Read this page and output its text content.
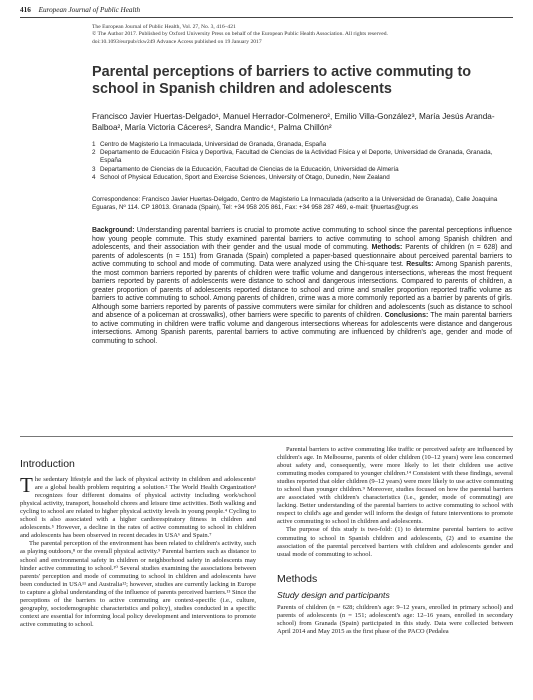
416 European Journal of Public Health
The European Journal of Public Health, Vol. 27, No. 3, 416–421
© The Author 2017. Published by Oxford University Press on behalf of the European Public Health Association. All rights reserved.
doi:10.1093/eurpub/ckw249 Advance Access published on 19 January 2017
Parental perceptions of barriers to active commuting to school in Spanish children and adolescents
Francisco Javier Huertas-Delgado¹, Manuel Herrador-Colmenero², Emilio Villa-González³, María Jesús Aranda-Balboa², María Victoria Cáceres², Sandra Mandic⁴, Palma Chillón²
1 Centro de Magisterio La Inmaculada, Universidad de Granada, Granada, España
2 Departamento de Educación Física y Deportiva, Facultad de Ciencias de la Actividad Física y el Deporte, Universidad de Granada, Granada, España
3 Departamento de Ciencias de la Educación, Facultad de Ciencias de la Educación, Universidad de Almería
4 School of Physical Education, Sport and Exercise Sciences, University of Otago, Dunedin, New Zealand
Correspondence: Francisco Javier Huertas-Delgado, Centro de Magisterio La Inmaculada (adscrito a la Universidad de Granada), Calle Joaquina Eguaras, Nº 114. CP 18013. Granada (Spain), Tel: +34 958 205 861, Fax: +34 958 287 469, e-mail: fjhuertas@ugr.es
Background: Understanding parental barriers is crucial to promote active commuting to school since the parental perceptions influence how young people commute. This study examined parental barriers to active commuting to school among Spanish children and adolescents, and their association with their gender and the usual mode of commuting. Methods: Parents of children (n = 628) and parents of adolescents (n = 151) from Granada (Spain) completed a paper-based questionnaire about perceived parental barriers to active commuting to school and mode of commuting. Data were analyzed using the Chi-square test. Results: Among Spanish parents, the most common barriers reported by parents of children were traffic volume and dangerous intersections, whereas the most frequent barriers reported by parents of adolescents were distance to school and dangerous intersections. Compared to parents of children, a greater proportion of parents of adolescents reported distance to school and crime and smaller proportion reported traffic volume as barriers to active commuting to school. Among parents of children, crime was a more commonly reported as a barrier by parents of girls. Although some barriers reported by parents of passive commuters were similar for children and adolescents (such as distance to school and absence of a policeman at crosswalks), other barriers were specific to parents of children. Conclusions: The main parental barriers to active commuting in children were traffic volume and dangerous intersections whereas for adolescents were distance and dangerous intersections. Among Spanish parents, parental barriers to active commuting are influenced by children's age, gender and mode of commuting to school.
Introduction

The sedentary lifestyle and the lack of physical activity in children and adolescents¹ are a global health problem requiring a solution.² The World Health Organization³ recognizes four different domains of physical activity including work/school physical activity, transport, household chores and leisure time activities. Both walking and cycling to school are related to higher physical activity levels in young people.⁴ Cycling to school is also associated with a higher cardiorespiratory fitness in children and adolescents.⁵ However, a decline in the rates of active commuting to school in children and adolescents has been observed in recent decades in USA⁶ and Spain.⁷

The parental perception of the environment has been related to children's activity, such as playing outdoors,⁸ or the overall physical activity.⁹ Parental barriers such as distance to school and environmental safety in children or neighborhood safety in adolescents may hinder active commuting to school.¹⁰ Several studies examining the associations between parents' perception and mode of commuting to school in children and adolescents have been conducted in USA¹¹ and Australia¹²; however, studies are currently lacking in Europe to capture a global understanding of the influence of parents perceived barriers.¹³ Since the perceptions of the barriers to active commuting are context-specific (i.e., culture, geography, sociodemographic characteristics and policy), studies conducted in a specific context are essential for informing local policy development and interventions to promote active commuting to school.

Parental barriers to active commuting like traffic or perceived safety are influenced by children's age. In Melbourne, parents of older children (10–12 years) were less concerned about safety and, consequently, were more likely to let their children use active commuting modes compared to younger children.¹⁴ Consistent with these findings, several studies reported that older children (9–12 years) were more likely to use active commuting to school than younger children.⁹ Moreover, studies focused on how the parental barriers are associated with children's characteristics (i.e., gender, mode of commuting) are lacking. Better understanding of the parental barriers to active commuting to school with respect to child's age and gender will inform the design of future interventions to promote active commuting to school in children and adolescents.

The purpose of this study is two-fold: (1) to determine parental barriers to active commuting to school in Spanish children and adolescents, (2) and to examine the association of the parental perceived barriers with children and adolescents gender and usual mode of commuting to school.

Methods
Study design and participants

Parents of children (n = 628; children's age: 9–12 years, enrolled in primary school) and parents of adolescents (n = 151; adolescent's age: 12–16 years, enrolled in secondary school) from Granada (Spain) participated in this study. Data were collected between April 2014 and May 2015 as the first phase of the PACO (Pedalea
